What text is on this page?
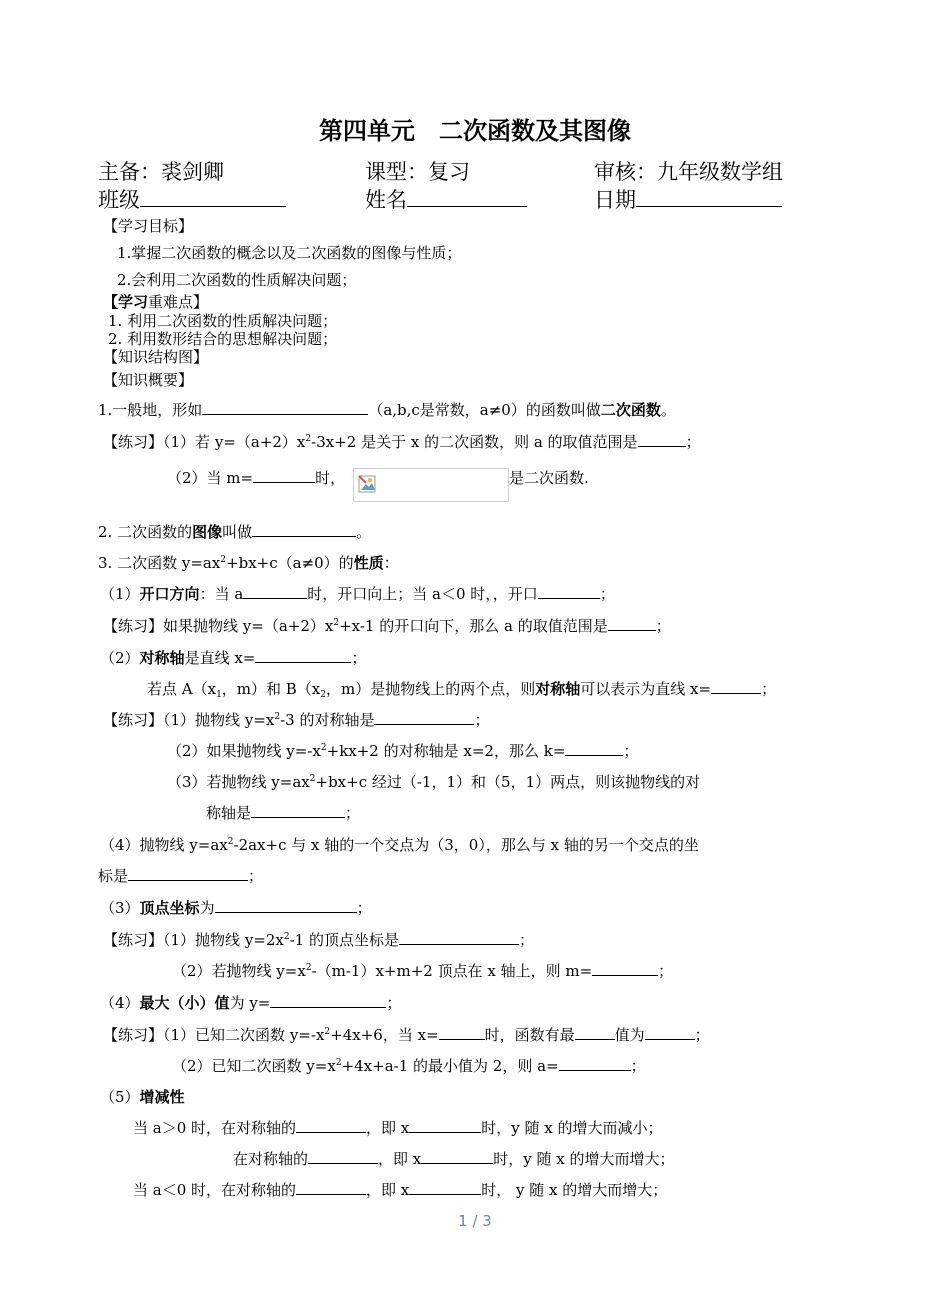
第四单元　二次函数及其图像
主备：裘剑卿	课型：复习	审核：九年级数学组
班级	姓名	日期
【学习目标】
1.掌握二次函数的概念以及二次函数的图像与性质；
2.会利用二次函数的性质解决问题；
【学习重难点】
1. 利用二次函数的性质解决问题；
2. 利用数形结合的思想解决问题；
【知识结构图】
【知识概要】
1.一般地，形如	（a,b,c是常数，a≠0）的函数叫做二次函数。
【练习】（1）若 $y=(a+2)x^2-3x+2$ 是关于 x 的二次函数，则 a 的取值范围是	；
（2）当 m=	时，	是二次函数.
2. 二次函数的图像叫做	。
3. 二次函数 $y=ax^2+bx+c(a\ne 0)$的性质：
（1）开口方向：当 a	时，开口向上；当 a＜0 时，，开口	；
【练习】如果抛物线 $y=(a+2)x^2+x-1$ 的开口向下，那么 a 的取值范围是	；
（2）对称轴是直线 x=	；
若点 $A(x_1$，m）和 $B(x_2$，m）是抛物线上的两个点，则对称轴可以表示为直线 x=	；
【练习】（1）抛物线 $y=x^2-3$ 的对称轴是	；
（2）如果抛物线 $y=-x^2+kx+2$ 的对称轴是 x=2，那么 k=	；
（3）若抛物线 $y=ax^2+bx+c$ 经过（-1，1）和（5，1）两点，则该抛物线的对
称轴是	；
（4）抛物线 $y=ax^2-2ax+c$ 与 x 轴的一个交点为（3，0），那么与 x 轴的另一个交点的坐
标是	；
（3）顶点坐标为	；
【练习】（1）抛物线 $y=2x^2-1$ 的顶点坐标是	；
（2）若抛物线 $y=x^2-(m-1)x+m+2$ 顶点在 x 轴上，则 m=	；
（4）最大（小）值为 y=	；
【练习】（1）已知二次函数 $y=-x^2+4x+6$，当 x=	时，函数有最	值为	；
（2）已知二次函数 $y=x^2+4x+a-1$ 的最小值为 2，则 a=	；
（5）增减性
当 a＞0 时，在对称轴的	，即 x	时，y 随 x 的增大而减小；
在对称轴的	，即 x	时，y 随 x 的增大而增大；
当 a＜0 时，在对称轴的	，即 x	时， y 随 x 的增大而增大；
1 / 3
